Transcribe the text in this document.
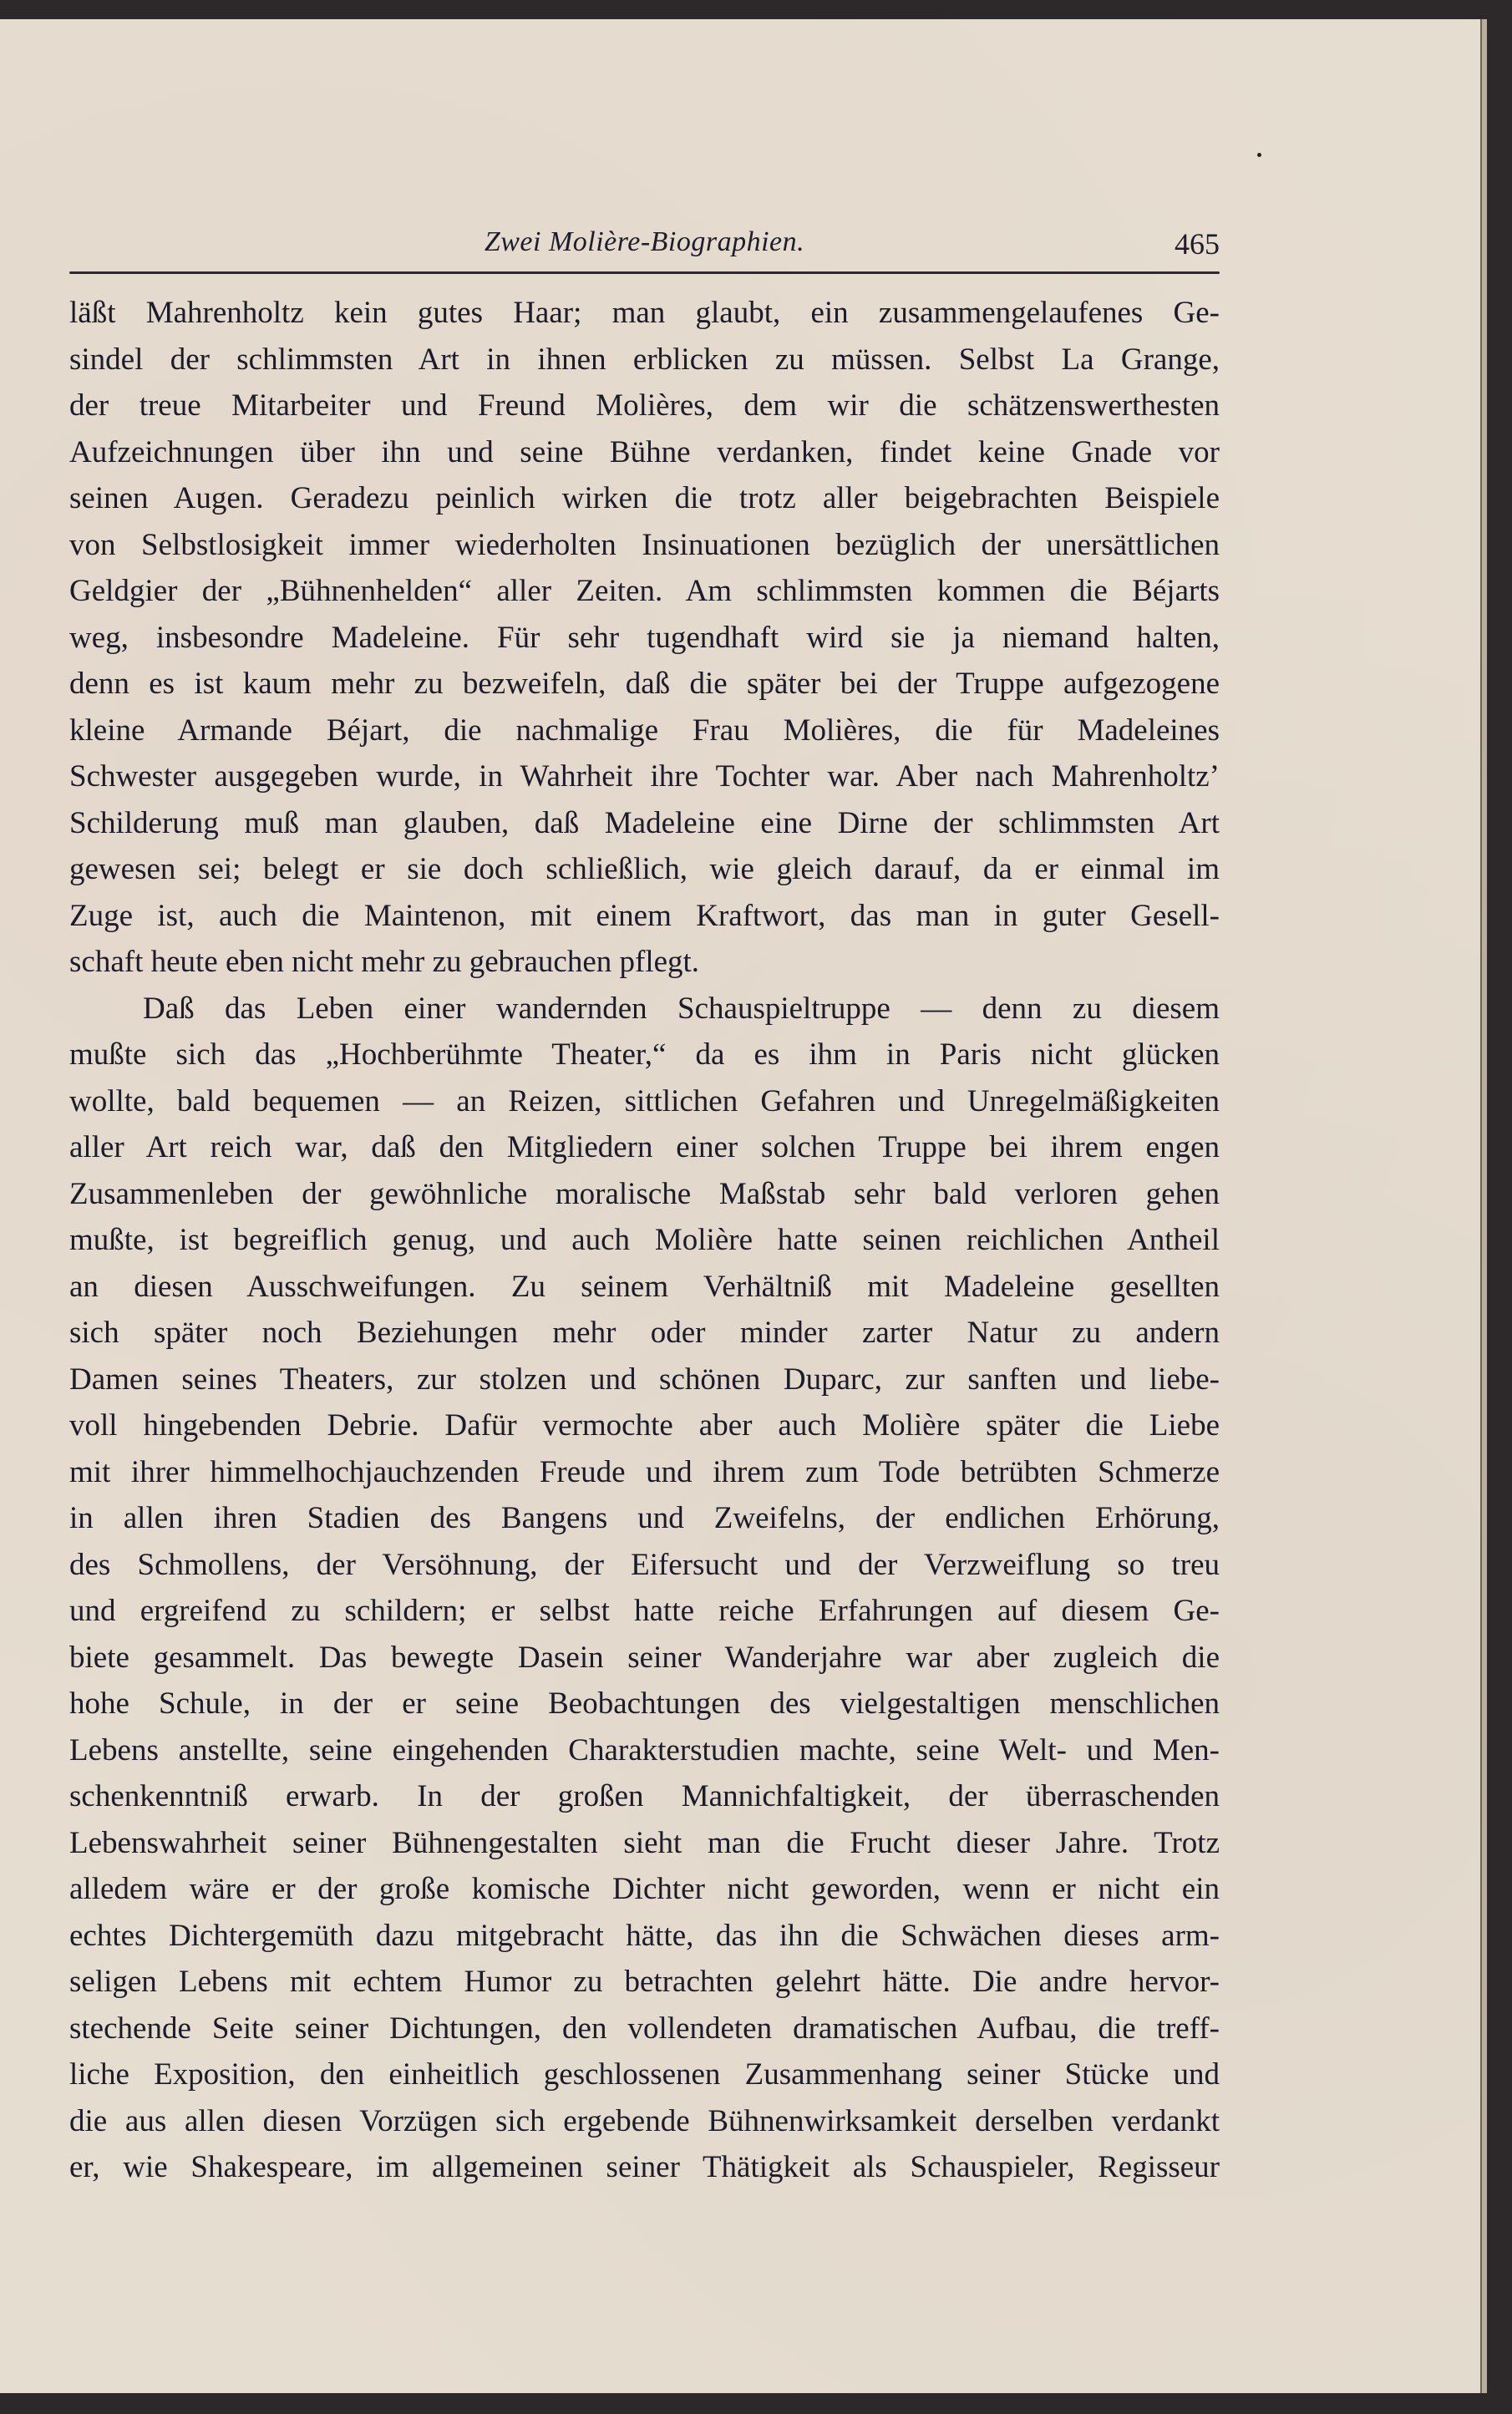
Zwei Molière-Biographien.	465
läßt Mahrenholtz kein gutes Haar; man glaubt, ein zusammengelaufenes Ge-
sindel der schlimmsten Art in ihnen erblicken zu müssen. Selbst La Grange,
der treue Mitarbeiter und Freund Molières, dem wir die schätzenswerthesten
Aufzeichnungen über ihn und seine Bühne verdanken, findet keine Gnade vor
seinen Augen. Geradezu peinlich wirken die trotz aller beigebrachten Beispiele
von Selbstlosigkeit immer wiederholten Insinuationen bezüglich der unersättlichen
Geldgier der „Bühnenhelden“ aller Zeiten. Am schlimmsten kommen die Béjarts
weg, insbesondre Madeleine. Für sehr tugendhaft wird sie ja niemand halten,
denn es ist kaum mehr zu bezweifeln, daß die später bei der Truppe aufgezogene
kleine Armande Béjart, die nachmalige Frau Molières, die für Madeleines
Schwester ausgegeben wurde, in Wahrheit ihre Tochter war. Aber nach Mahrenholtz’
Schilderung muß man glauben, daß Madeleine eine Dirne der schlimmsten Art
gewesen sei; belegt er sie doch schließlich, wie gleich darauf, da er einmal im
Zuge ist, auch die Maintenon, mit einem Kraftwort, das man in guter Gesell-
schaft heute eben nicht mehr zu gebrauchen pflegt.
Daß das Leben einer wandernden Schauspieltruppe — denn zu diesem
mußte sich das „Hochberühmte Theater,“ da es ihm in Paris nicht glücken
wollte, bald bequemen — an Reizen, sittlichen Gefahren und Unregelmäßigkeiten
aller Art reich war, daß den Mitgliedern einer solchen Truppe bei ihrem engen
Zusammenleben der gewöhnliche moralische Maßstab sehr bald verloren gehen
mußte, ist begreiflich genug, und auch Molière hatte seinen reichlichen Antheil
an diesen Ausschweifungen. Zu seinem Verhältniß mit Madeleine gesellten
sich später noch Beziehungen mehr oder minder zarter Natur zu andern
Damen seines Theaters, zur stolzen und schönen Duparc, zur sanften und liebe-
voll hingebenden Debrie. Dafür vermochte aber auch Molière später die Liebe
mit ihrer himmelhochjauchzenden Freude und ihrem zum Tode betrübten Schmerze
in allen ihren Stadien des Bangens und Zweifelns, der endlichen Erhörung,
des Schmollens, der Versöhnung, der Eifersucht und der Verzweiflung so treu
und ergreifend zu schildern; er selbst hatte reiche Erfahrungen auf diesem Ge-
biete gesammelt. Das bewegte Dasein seiner Wanderjahre war aber zugleich die
hohe Schule, in der er seine Beobachtungen des vielgestaltigen menschlichen
Lebens anstellte, seine eingehenden Charakterstudien machte, seine Welt- und Men-
schenkenntniß erwarb. In der großen Mannichfaltigkeit, der überraschenden
Lebenswahrheit seiner Bühnengestalten sieht man die Frucht dieser Jahre. Trotz
alledem wäre er der große komische Dichter nicht geworden, wenn er nicht ein
echtes Dichtergemüth dazu mitgebracht hätte, das ihn die Schwächen dieses arm-
seligen Lebens mit echtem Humor zu betrachten gelehrt hätte. Die andre hervor-
stechende Seite seiner Dichtungen, den vollendeten dramatischen Aufbau, die treff-
liche Exposition, den einheitlich geschlossenen Zusammenhang seiner Stücke und
die aus allen diesen Vorzügen sich ergebende Bühnenwirksamkeit derselben verdankt
er, wie Shakespeare, im allgemeinen seiner Thätigkeit als Schauspieler, Regisseur
